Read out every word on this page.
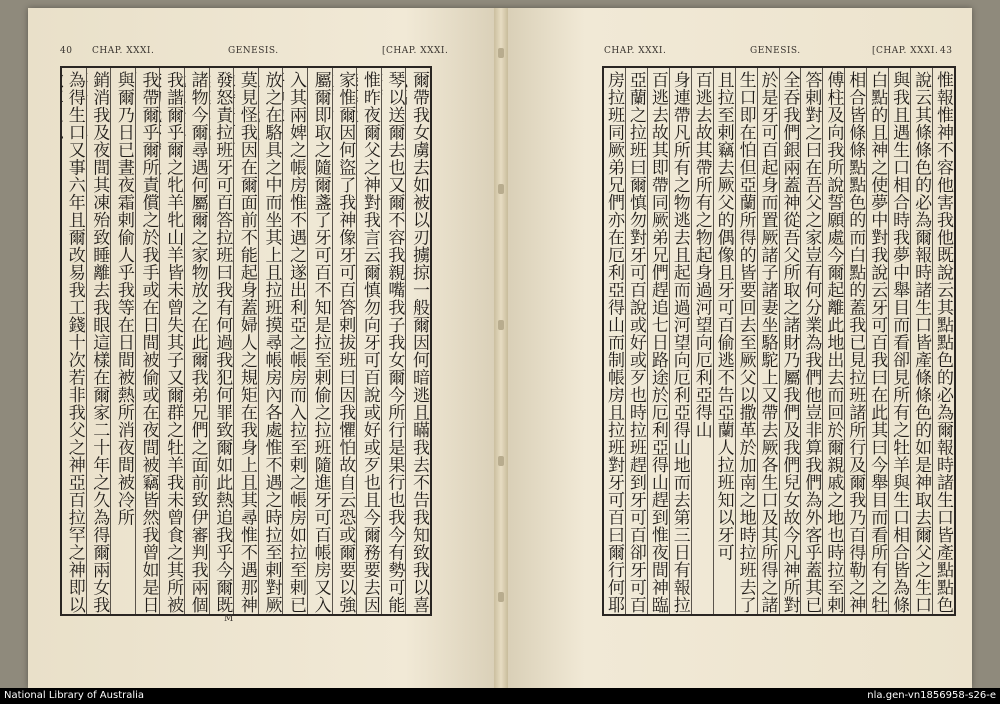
40 CHAP. XXXI.	GENESIS.	[CHAP. XXXI.
爾帶我女虜去如被以刃擄掠一般爾因何暗逃且瞞我去不告我知致我以喜
琴以送爾去也又爾不容我親嘴我子我女爾今所行是果行也我今有勢可能
惟昨夜爾父之神對我言云爾慎勿向牙可百說或好或歹也且今爾務要去因
家惟爾因何盜了我神像牙可百答剌拔班曰因我懼怕故自云恐或爾要以強
屬爾即取之隨爾盞了牙可百不知是拉至剌偷之拉班隨進牙可百帳房又入
入其兩婢之帳房惟不遇之遂出利亞之帳房而入拉至剌之帳房如拉至剌已
放之在駱具之中而坐其上且拉班摸尋帳房內各處惟不遇之時拉至剌對厥
莫見怪我因在爾面前不能起身蓋婦人之規矩在我身上且其尋惟不遇那神
發怒責拉班牙可百答拉班曰我有何過我犯何罪致爾如此熱追我乎今爾既
諸物今爾尋遇何屬爾之家物放之在此爾我弟兄們之面前致伊審判我兩個
我諧爾乎爾之牝羊牝山羊皆未曾失其子又爾群之牡羊我未曾食之其所被
我帶爾乎爾所責償之於我手或在日間被偷或在夜間被竊皆然我曾如是日
與爾乃日已晝夜霜剌偷人乎我等在日間被熱所消夜間被冷所
銷消我及夜間其凍殆致睡離去我眼這樣在爾家二十年之久為得爾兩女我
為得生口又事六年且爾改易我工錢十次若非我父之神亞百拉罕之神即以
M
CHAP. XXXI.	GENESIS.	[CHAP. XXXI. 43
惟報惟神不容他害我他既說云其點點色的必為爾報時諸生口皆產點點色
說云其條條色的必為爾報時諸生口皆產條條色的如是神取去爾父之生口
與我且遇生口相合時我夢中舉目而看卻見所有之牡羊與生口相合皆為條
白點的且神之使夢中對我說云牙可百我曰在此其曰今舉目而看所有之牡
相合皆條條點點色的而白點的蓋我已見拉班諸所行及爾我乃百得勒之神
傅柱及向我所說誓願處今爾起離此地出去而回於爾親戚之地也時拉至剌
答剌對之曰在吾父之家豈有何分業為我們他豈非算我們為外客乎蓋其已
全吞我們銀兩蓋神從吾父所取之諸財乃屬我們及我們兒女故今凡神所對
於是牙可百起身而置厥諸子諸妻坐駱駝上又帶去厥各生口及其所得之諸
生口即在怕但亞蘭所得的皆要回去至厥父以撒革於加南之地時拉班去了
且拉至剌竊去厥父的偶像且牙可百偷逃不告亞蘭人拉班知以牙可
百逃去故其帶所有之物起身過河望向厄利亞得山
身連帶凡所有之物逃去且起而過河望向厄利亞得山地而去第三日有報拉
百逃去故其即帶同厥弟兄們趕追七日路途於厄利亞得山趕到惟夜間神臨
亞蘭之拉班曰爾慎勿對牙可百說或好或歹也時拉班趕到牙可百卻牙可百
房拉班同厥弟兄們亦在厄利亞得山而制帳房且拉班對牙可百曰爾行何耶
National Library of Australia	nla.gen-vn1856958-s26-e
